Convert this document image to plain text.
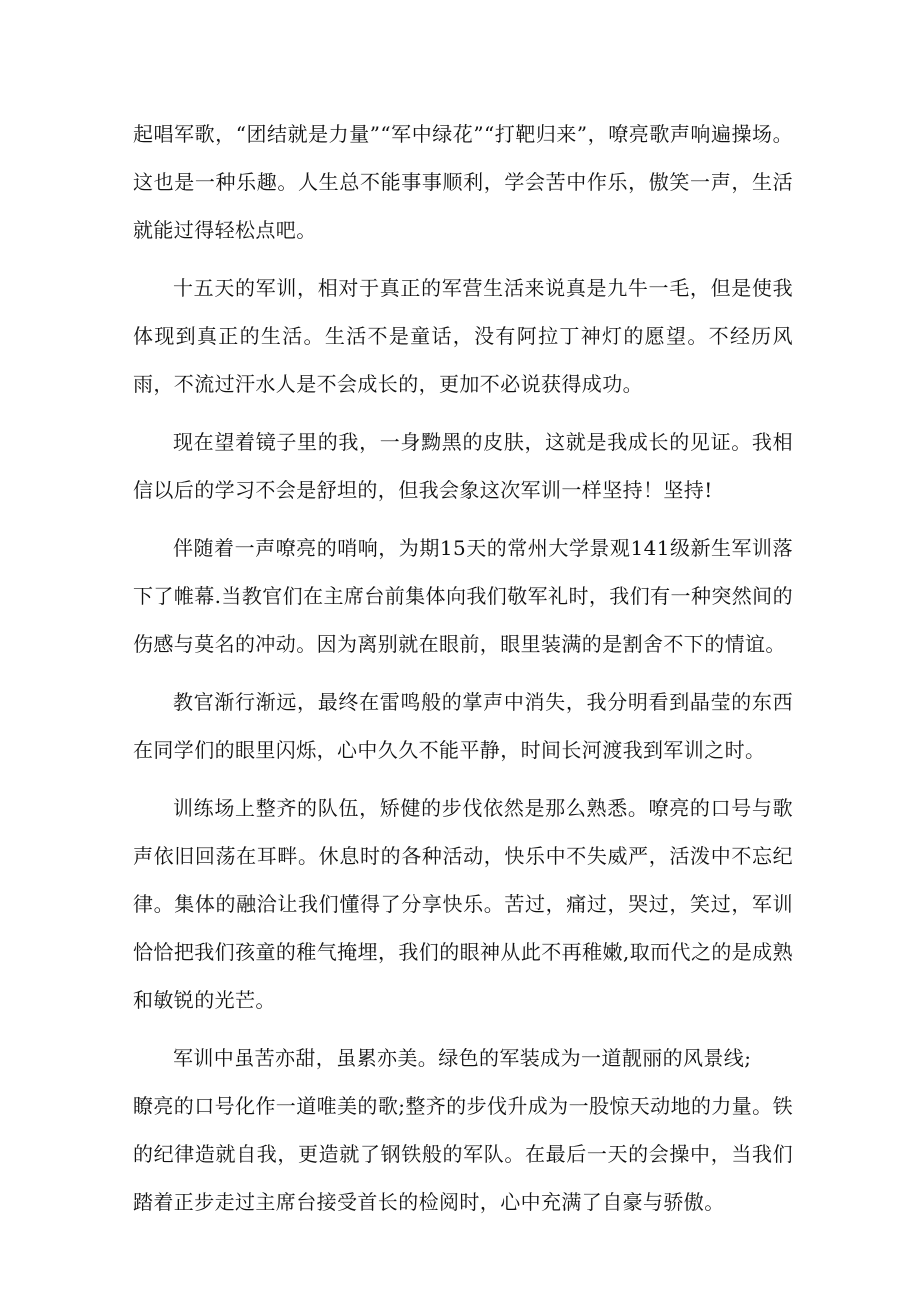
起唱军歌，“团结就是力量”“军中绿花”“打靶归来”，嘹亮歌声响遍操场。这也是一种乐趣。人生总不能事事顺利，学会苦中作乐，傲笑一声，生活就能过得轻松点吧。

十五天的军训，相对于真正的军营生活来说真是九牛一毛，但是使我体现到真正的生活。生活不是童话，没有阿拉丁神灯的愿望。不经历风雨，不流过汗水人是不会成长的，更加不必说获得成功。

现在望着镜子里的我，一身黝黑的皮肤，这就是我成长的见证。我相信以后的学习不会是舒坦的，但我会象这次军训一样坚持！坚持!

伴随着一声嘹亮的哨响，为期15天的常州大学景观141级新生军训落下了帷幕.当教官们在主席台前集体向我们敬军礼时，我们有一种突然间的伤感与莫名的冲动。因为离别就在眼前，眼里装满的是割舍不下的情谊。

教官渐行渐远，最终在雷鸣般的掌声中消失，我分明看到晶莹的东西在同学们的眼里闪烁，心中久久不能平静，时间长河渡我到军训之时。

训练场上整齐的队伍，矫健的步伐依然是那么熟悉。嘹亮的口号与歌声依旧回荡在耳畔。休息时的各种活动，快乐中不失威严，活泼中不忘纪律。集体的融洽让我们懂得了分享快乐。苦过，痛过，哭过，笑过，军训恰恰把我们孩童的稚气掩埋，我们的眼神从此不再稚嫩,取而代之的是成熟和敏锐的光芒。

军训中虽苦亦甜，虽累亦美。绿色的军装成为一道靓丽的风景线;

瞭亮的口号化作一道唯美的歌;整齐的步伐升成为一股惊天动地的力量。铁的纪律造就自我，更造就了钢铁般的军队。在最后一天的会操中，当我们踏着正步走过主席台接受首长的检阅时，心中充满了自豪与骄傲。
